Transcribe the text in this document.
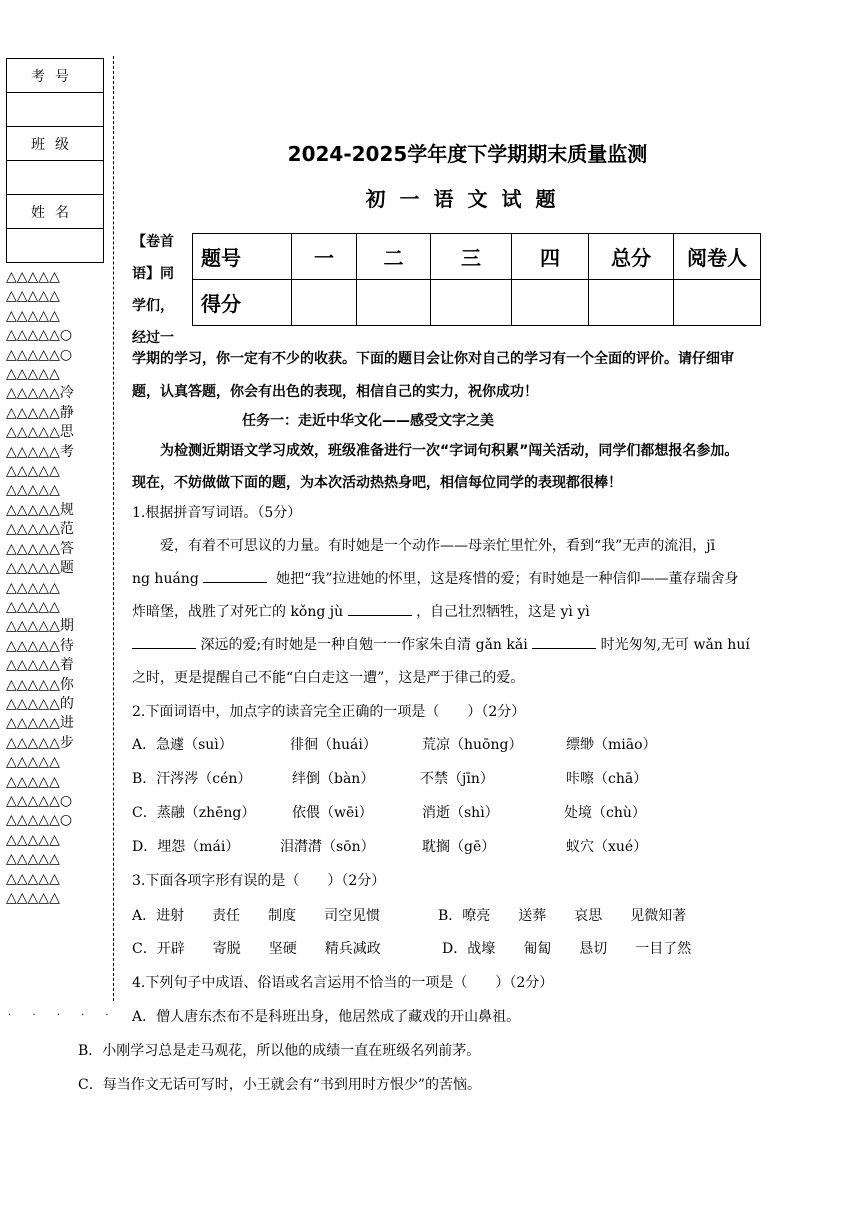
考号

班级

姓名

△△△△△
△△△△△
△△△△△
△△△△△○
△△△△△○
△△△△△
△△△△△冷
△△△△△静
△△△△△思
△△△△△考
△△△△△
△△△△△
△△△△△规
△△△△△范
△△△△△答
△△△△△题
△△△△△
△△△△△
△△△△△期
△△△△△待
△△△△△着
△△△△△你
△△△△△的
△△△△△进
△△△△△步
△△△△△
△△△△△
△△△△△○
△△△△△○
△△△△△
△△△△△
△△△△△
△△△△△
· · · · ·
2024-2025学年度下学期期末质量监测
初一语文试题
【卷首
语】同
学们，
经过一
题号	一	二	三	四	总分	阅卷人
得分						
学期的学习，你一定有不少的收获。下面的题目会让你对自己的学习有一个全面的评价。请仔细审
题，认真答题，你会有出色的表现，相信自己的实力，祝你成功！
任务一：走近中华文化——感受文字之美
为检测近期语文学习成效，班级准备进行一次“字词句积累”闯关活动，同学们都想报名参加。
现在，不妨做做下面的题，为本次活动热热身吧，相信每位同学的表现都很棒！
1.根据拼音写词语。（5分）
爱，有着不可思议的力量。有时她是一个动作——母亲忙里忙外，看到“我”无声的流泪，jī
ng huáng	她把“我”拉进她的怀里，这是疼惜的爱；有时她是一种信仰——董存瑞舍身
炸暗堡，战胜了对死亡的 kǒng jù	，自己壮烈牺牲，这是 yì yì
深远的爱;有时她是一种自勉一一作家朱自清 gǎn kǎi	时光匆匆,无可 wǎn huí
之时，更是提醒自己不能“白白走这一遭”，这是严于律己的爱。
2.下面词语中，加点字的读音完全正确的一项是（　　）（2分）
A．急遽（suì）	徘徊（huái）	荒凉（huōng）	缥缈（miāo）
B．汗涔涔（cén）	绊倒（bàn）	不禁（jīn）	咔嚓（chā）
C．蒸融（zhēng）	依偎（wēi）	消逝（shì）	处境（chù）
D．埋怨（mái）	泪潸潸（sōn）	耽搁（gē）	蚁穴（xué）
3.下面各项字形有误的是（　　）（2分）
A．进射　　责任　　制度　　司空见惯	B．嘹亮　　送葬　　哀思　　见微知著
C．开辟　　寄脱　　坚硬　　精兵减政	D．战壕　　匍匐　　恳切　　一目了然
4.下列句子中成语、俗语或名言运用不恰当的一项是（　　）（2分）
A．僧人唐东杰布不是科班出身，他居然成了藏戏的开山鼻祖。
B．小刚学习总是走马观花，所以他的成绩一直在班级名列前茅。
C．每当作文无话可写时，小王就会有“书到用时方恨少”的苦恼。
